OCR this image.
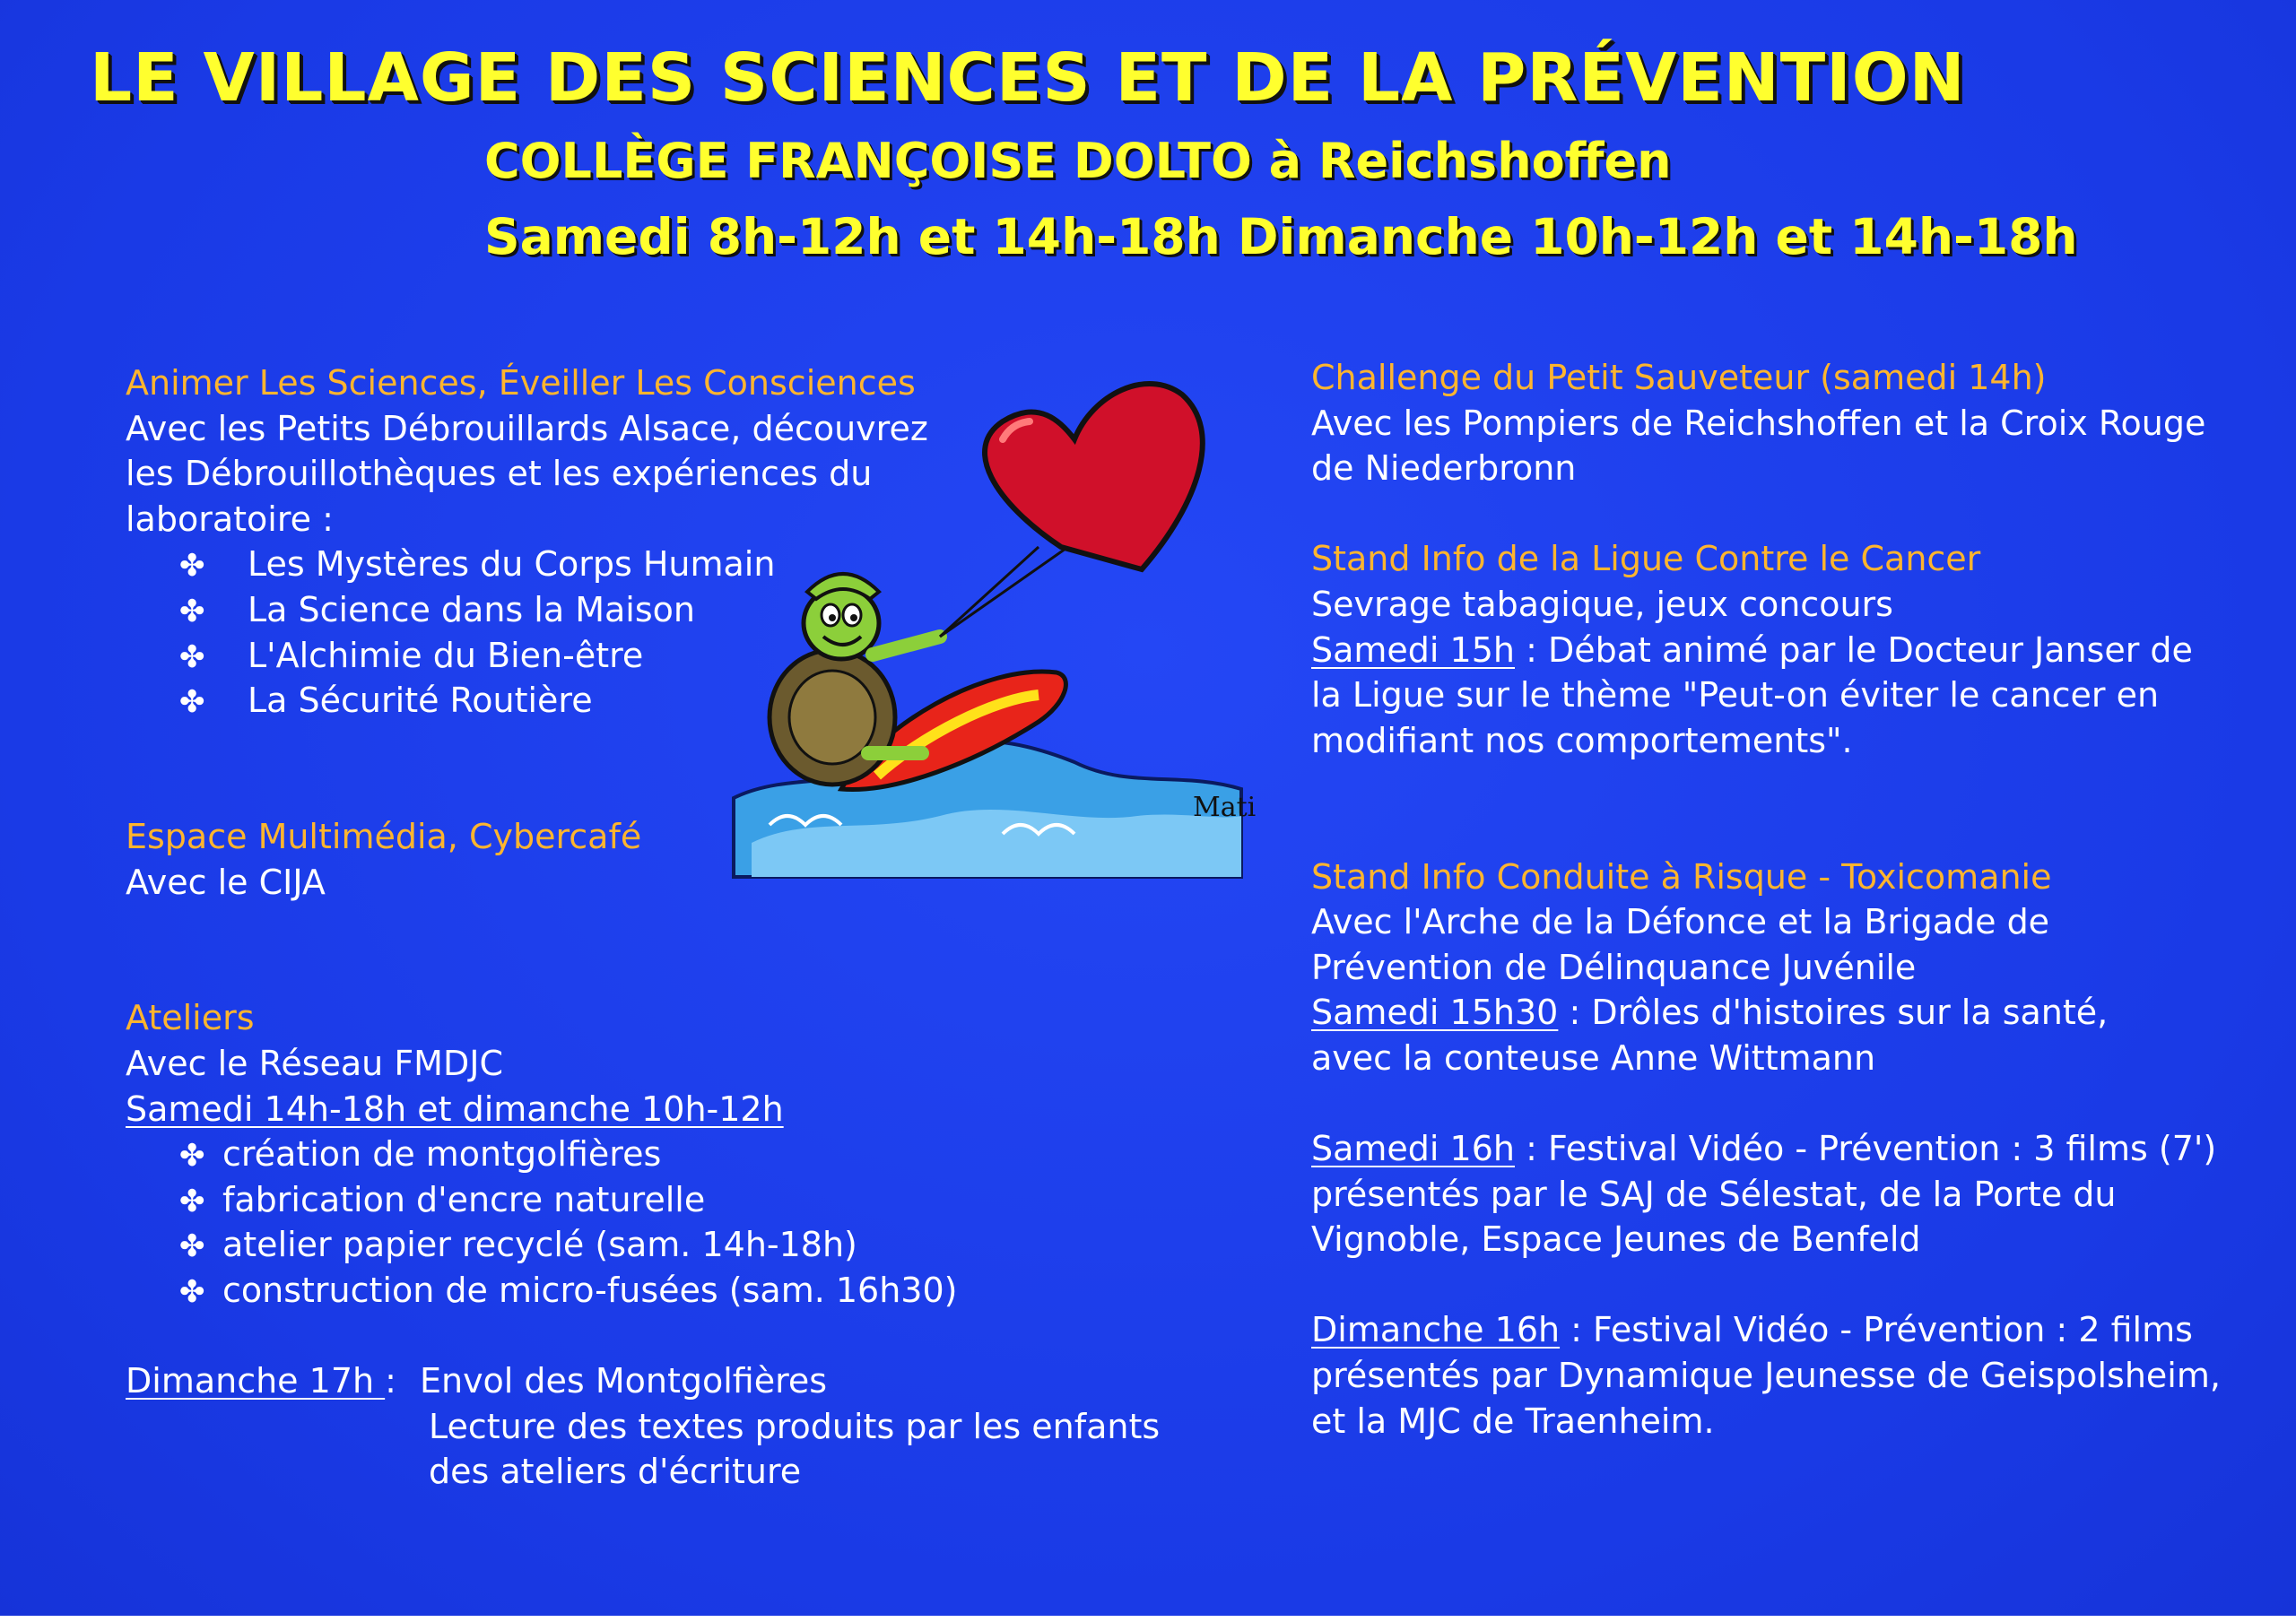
LE VILLAGE DES SCIENCES ET DE LA PRÉVENTION
COLLÈGE FRANÇOISE DOLTO à Reichshoffen
Samedi 8h-12h et 14h-18h Dimanche 10h-12h et 14h-18h
Animer Les Sciences, Éveiller Les Consciences
Avec les Petits Débrouillards Alsace, découvrez
les Débrouillothèques et les expériences du
laboratoire :
✤ Les Mystères du Corps Humain
✤ La Science dans la Maison
✤ L'Alchimie du Bien-être
✤ La Sécurité Routière
Espace Multimédia, Cybercafé
Avec le CIJA
Ateliers
Avec le Réseau FMDJC
Samedi 14h-18h et dimanche 10h-12h
✤ création de montgolfières
✤ fabrication d'encre naturelle
✤ atelier papier recyclé (sam. 14h-18h)
✤ construction de micro-fusées (sam. 16h30)
Dimanche 17h : Envol des Montgolfières
Lecture des textes produits par les enfants
des ateliers d'écriture
Mati
Challenge du Petit Sauveteur (samedi 14h)
Avec les Pompiers de Reichshoffen et la Croix Rouge
de Niederbronn
Stand Info de la Ligue Contre le Cancer
Sevrage tabagique, jeux concours
Samedi 15h : Débat animé par le Docteur Janser de
la Ligue sur le thème "Peut-on éviter le cancer en
modifiant nos comportements".
Stand Info Conduite à Risque - Toxicomanie
Avec l'Arche de la Défonce et la Brigade de
Prévention de Délinquance Juvénile
Samedi 15h30 : Drôles d'histoires sur la santé,
avec la conteuse Anne Wittmann
Samedi 16h : Festival Vidéo - Prévention : 3 films (7')
présentés par le SAJ de Sélestat, de la Porte du
Vignoble, Espace Jeunes de Benfeld
Dimanche 16h : Festival Vidéo - Prévention : 2 films
présentés par Dynamique Jeunesse de Geispolsheim,
et la MJC de Traenheim.
